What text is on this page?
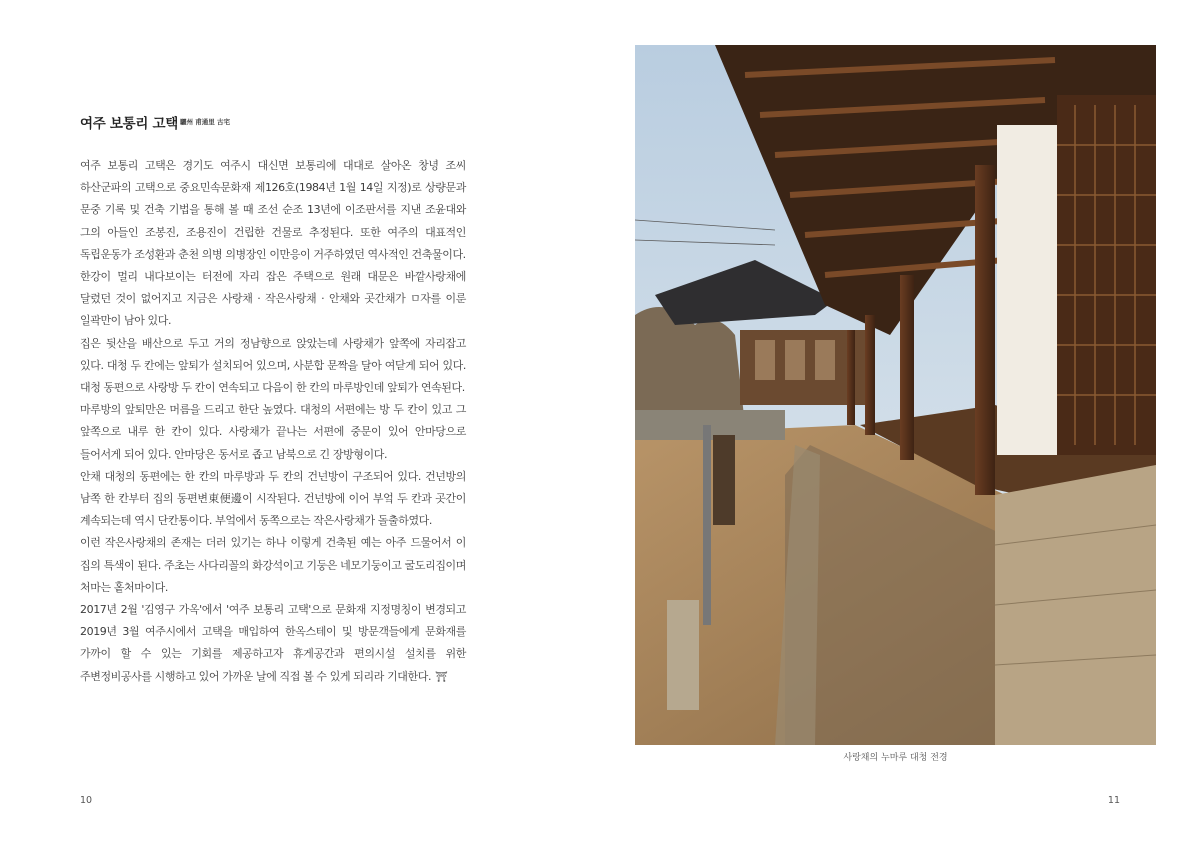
여주 보통리 고택 $^{驪州 甫通里 古宅}$

여주 보통리 고택은 경기도 여주시 대신면 보통리에 대대로 살아온 창녕 조씨 하산군파의 고택으로 중요민속문화재 제126호(1984년 1월 14일 지정)로 상량문과 문중 기록 및 건축 기법을 통해 볼 때 조선 순조 13년에 이조판서를 지낸 조윤대와 그의 아들인 조봉진, 조용진이 건립한 건물로 추정된다. 또한 여주의 대표적인 독립운동가 조성환과 춘천 의병 의병장인 이만응이 거주하였던 역사적인 건축물이다.

한강이 멀리 내다보이는 터전에 자리 잡은 주택으로 원래 대문은 바깥사랑채에 달렸던 것이 없어지고 지금은 사랑채 · 작은사랑채 · 안채와 곳간채가 ㅁ자를 이룬 일곽만이 남아 있다.

집은 뒷산을 배산으로 두고 거의 정남향으로 앉았는데 사랑채가 앞쪽에 자리잡고 있다. 대청 두 칸에는 앞퇴가 설치되어 있으며, 사분합 문짝을 달아 여닫게 되어 있다. 대청 동편으로 사랑방 두 칸이 연속되고 다음이 한 칸의 마루방인데 앞퇴가 연속된다.

마루방의 앞퇴만은 머름을 드리고 한단 높였다. 대청의 서편에는 방 두 칸이 있고 그 앞쪽으로 내루 한 칸이 있다. 사랑채가 끝나는 서편에 중문이 있어 안마당으로 들어서게 되어 있다. 안마당은 동서로 좁고 남북으로 긴 장방형이다.

안채 대청의 동편에는 한 칸의 마루방과 두 칸의 건넌방이 구조되어 있다. 건넌방의 남쪽 한 칸부터 집의 동편변東便邊이 시작된다. 건넌방에 이어 부엌 두 칸과 곳간이 계속되는데 역시 단칸통이다. 부엌에서 동쪽으로는 작은사랑채가 돌출하였다.

이런 작은사랑채의 존재는 더러 있기는 하나 이렇게 건축된 예는 아주 드물어서 이 집의 특색이 된다. 주초는 사다리꼴의 화강석이고 기둥은 네모기둥이고 굴도리집이며 처마는 홑처마이다.

2017년 2월 '김영구 가옥'에서 '여주 보통리 고택'으로 문화재 지정명칭이 변경되고 2019년 3월 여주시에서 고택을 매입하여 한옥스테이 및 방문객들에게 문화재를 가까이 할 수 있는 기회를 제공하고자 휴게공간과 편의시설 설치를 위한 주변정비공사를 시행하고 있어 가까운 날에 직접 볼 수 있게 되리라 기대한다. ⛩

10
사랑채의 누마루 대청 전경
11
